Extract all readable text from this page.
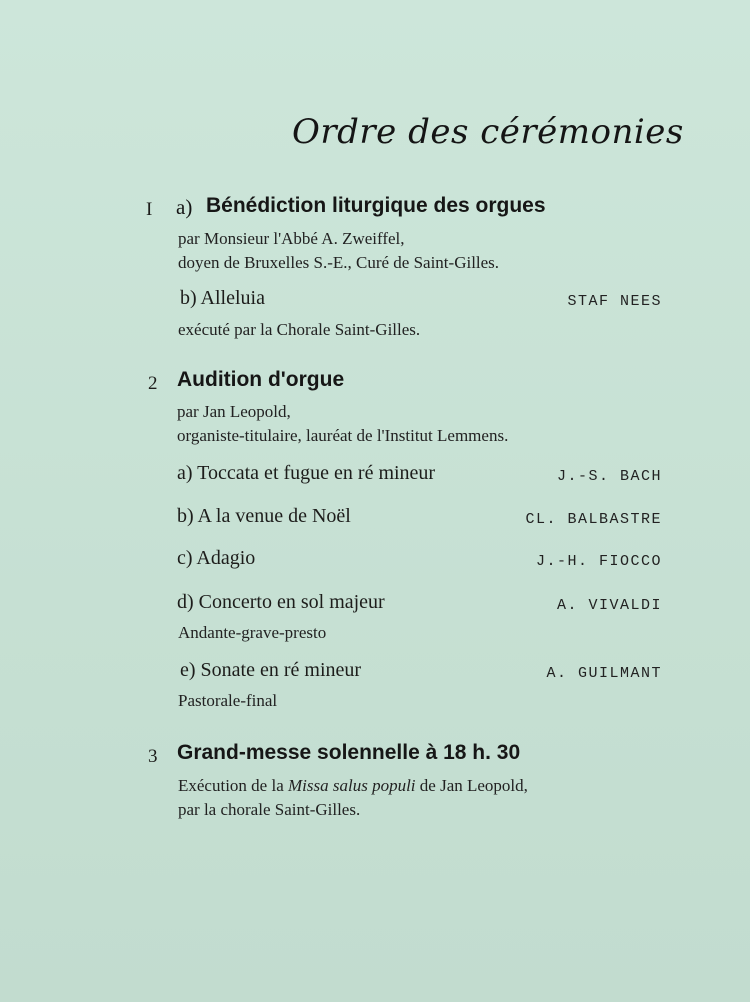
Ordre des cérémonies
I a) Bénédiction liturgique des orgues
par Monsieur l'Abbé A. Zweiffel,
doyen de Bruxelles S.-E., Curé de Saint-Gilles.
b) Alleluia	STAF NEES
exécuté par la Chorale Saint-Gilles.
2 Audition d'orgue
par Jan Leopold,
organiste-titulaire, lauréat de l'Institut Lemmens.
a) Toccata et fugue en ré mineur	J.-S. BACH
b) A la venue de Noël	CL. BALBASTRE
c) Adagio	J.-H. FIOCCO
d) Concerto en sol majeur	A. VIVALDI
Andante-grave-presto
e) Sonate en ré mineur	A. GUILMANT
Pastorale-final
3 Grand-messe solennelle à 18 h. 30
Exécution de la Missa salus populi de Jan Leopold,
par la chorale Saint-Gilles.
